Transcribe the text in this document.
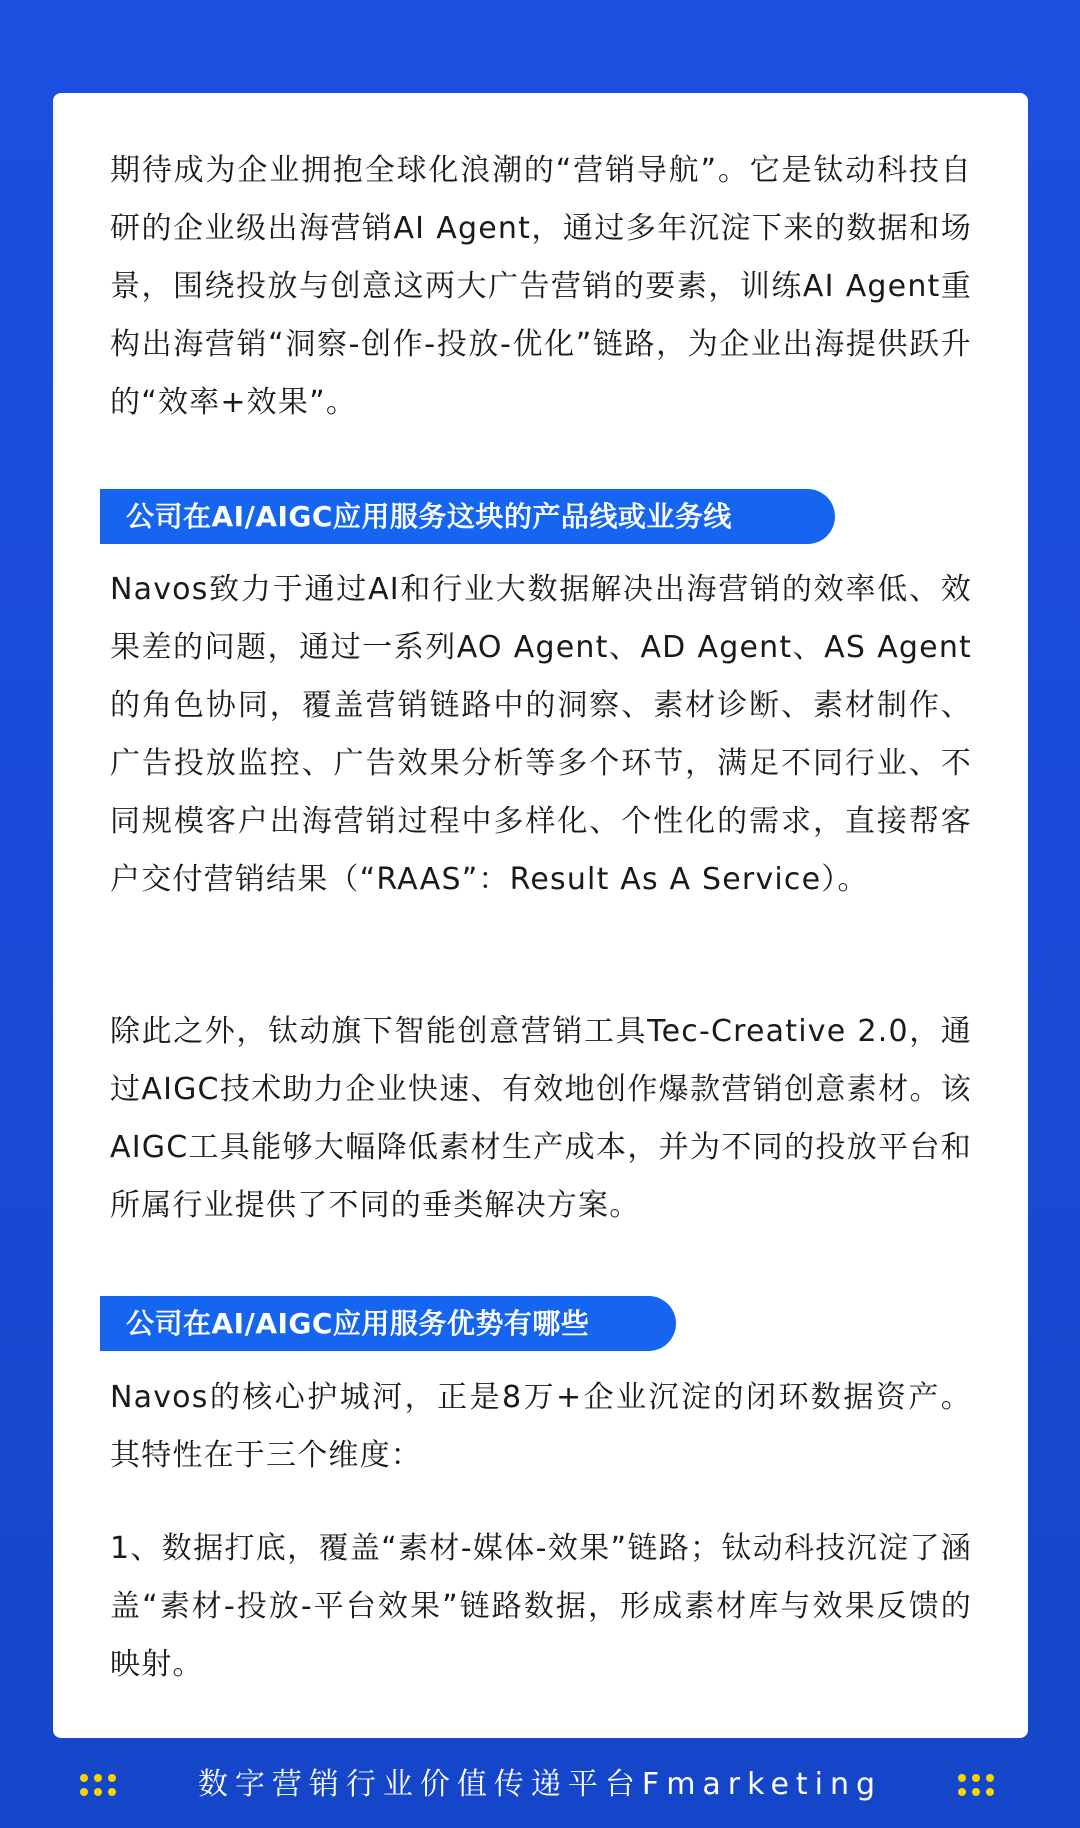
期待成为企业拥抱全球化浪潮的“营销导航”。它是钛动科技自研的企业级出海营销AI Agent，通过多年沉淀下来的数据和场景，围绕投放与创意这两大广告营销的要素，训练AI Agent重构出海营销“洞察-创作-投放-优化”链路，为企业出海提供跃升的“效率+效果”。

公司在AI/AIGC应用服务这块的产品线或业务线

Navos致力于通过AI和行业大数据解决出海营销的效率低、效果差的问题，通过一系列AO Agent、AD Agent、AS Agent的角色协同，覆盖营销链路中的洞察、素材诊断、素材制作、广告投放监控、广告效果分析等多个环节，满足不同行业、不同规模客户出海营销过程中多样化、个性化的需求，直接帮客户交付营销结果（“RAAS”：Result As A Service）。

除此之外，钛动旗下智能创意营销工具Tec-Creative 2.0，通过AIGC技术助力企业快速、有效地创作爆款营销创意素材。该AIGC工具能够大幅降低素材生产成本，并为不同的投放平台和所属行业提供了不同的垂类解决方案。

公司在AI/AIGC应用服务优势有哪些

Navos的核心护城河，正是8万+企业沉淀的闭环数据资产。其特性在于三个维度：

1、数据打底，覆盖“素材-媒体-效果”链路；钛动科技沉淀了涵盖“素材-投放-平台效果”链路数据，形成素材库与效果反馈的映射。

数字营销行业价值传递平台Fmarketing
